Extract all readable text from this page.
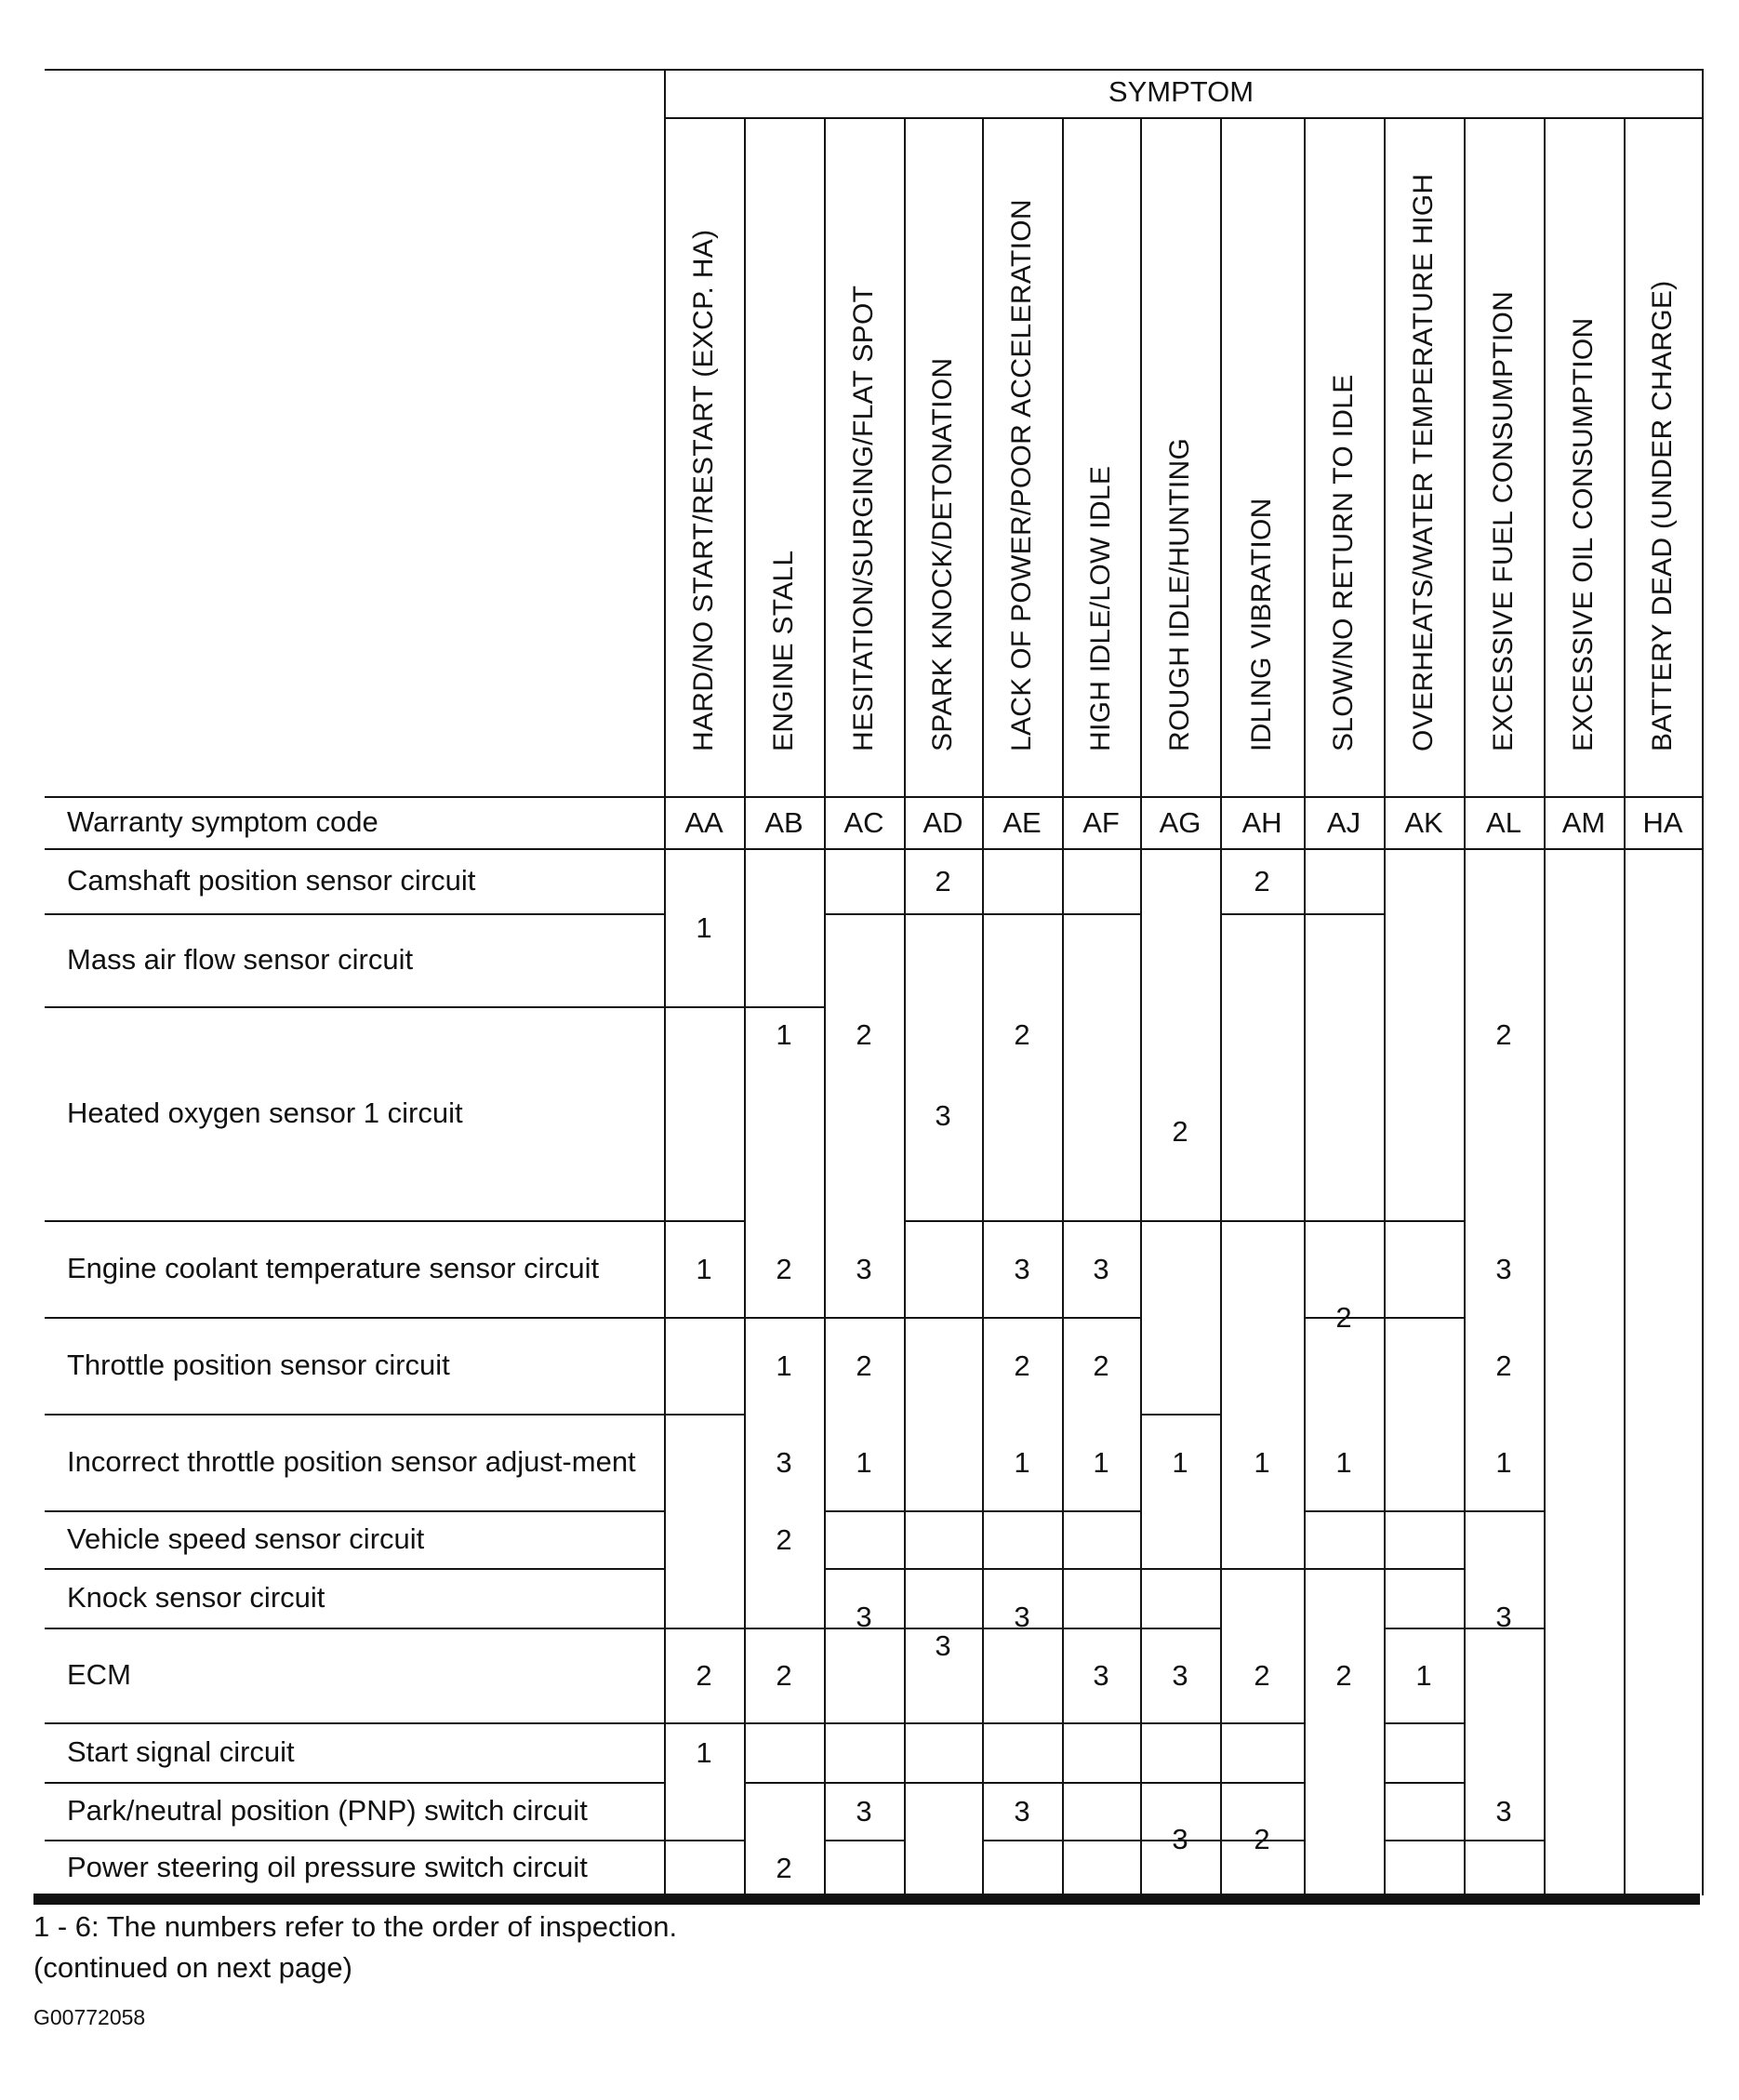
SYMPTOM
Warranty symptom code
HARD/NO START/RESTART (EXCP. HA)
AA
ENGINE STALL
AB
HESITATION/SURGING/FLAT SPOT
AC
SPARK KNOCK/DETONATION
AD
LACK OF POWER/POOR ACCELERATION
AE
HIGH IDLE/LOW IDLE
AF
ROUGH IDLE/HUNTING
AG
IDLING VIBRATION
AH
SLOW/NO RETURN TO IDLE
AJ
OVERHEATS/WATER TEMPERATURE HIGH
AK
EXCESSIVE FUEL CONSUMPTION
AL
EXCESSIVE OIL CONSUMPTION
AM
BATTERY DEAD (UNDER CHARGE)
HA
Camshaft position sensor circuit
Mass air flow sensor circuit
Heated oxygen sensor 1 circuit
Engine coolant temperature sensor circuit
Throttle position sensor circuit
Incorrect throttle position sensor adjust-ment
Vehicle speed sensor circuit
Knock sensor circuit
ECM
Start signal circuit
Park/neutral position (PNP) switch circuit
Power steering oil pressure switch circuit
1
1
2
1
1
2
1
3
2
2
2
2
3
2
1
3
3
2
3
3
2
3
2
1
3
3
3
2
1
3
2
1
3
3
2
1
2
2
2
1
2	1
2
3
2
1
3
3
1 - 6: The numbers refer to the order of inspection.
(continued on next page)
G00772058
